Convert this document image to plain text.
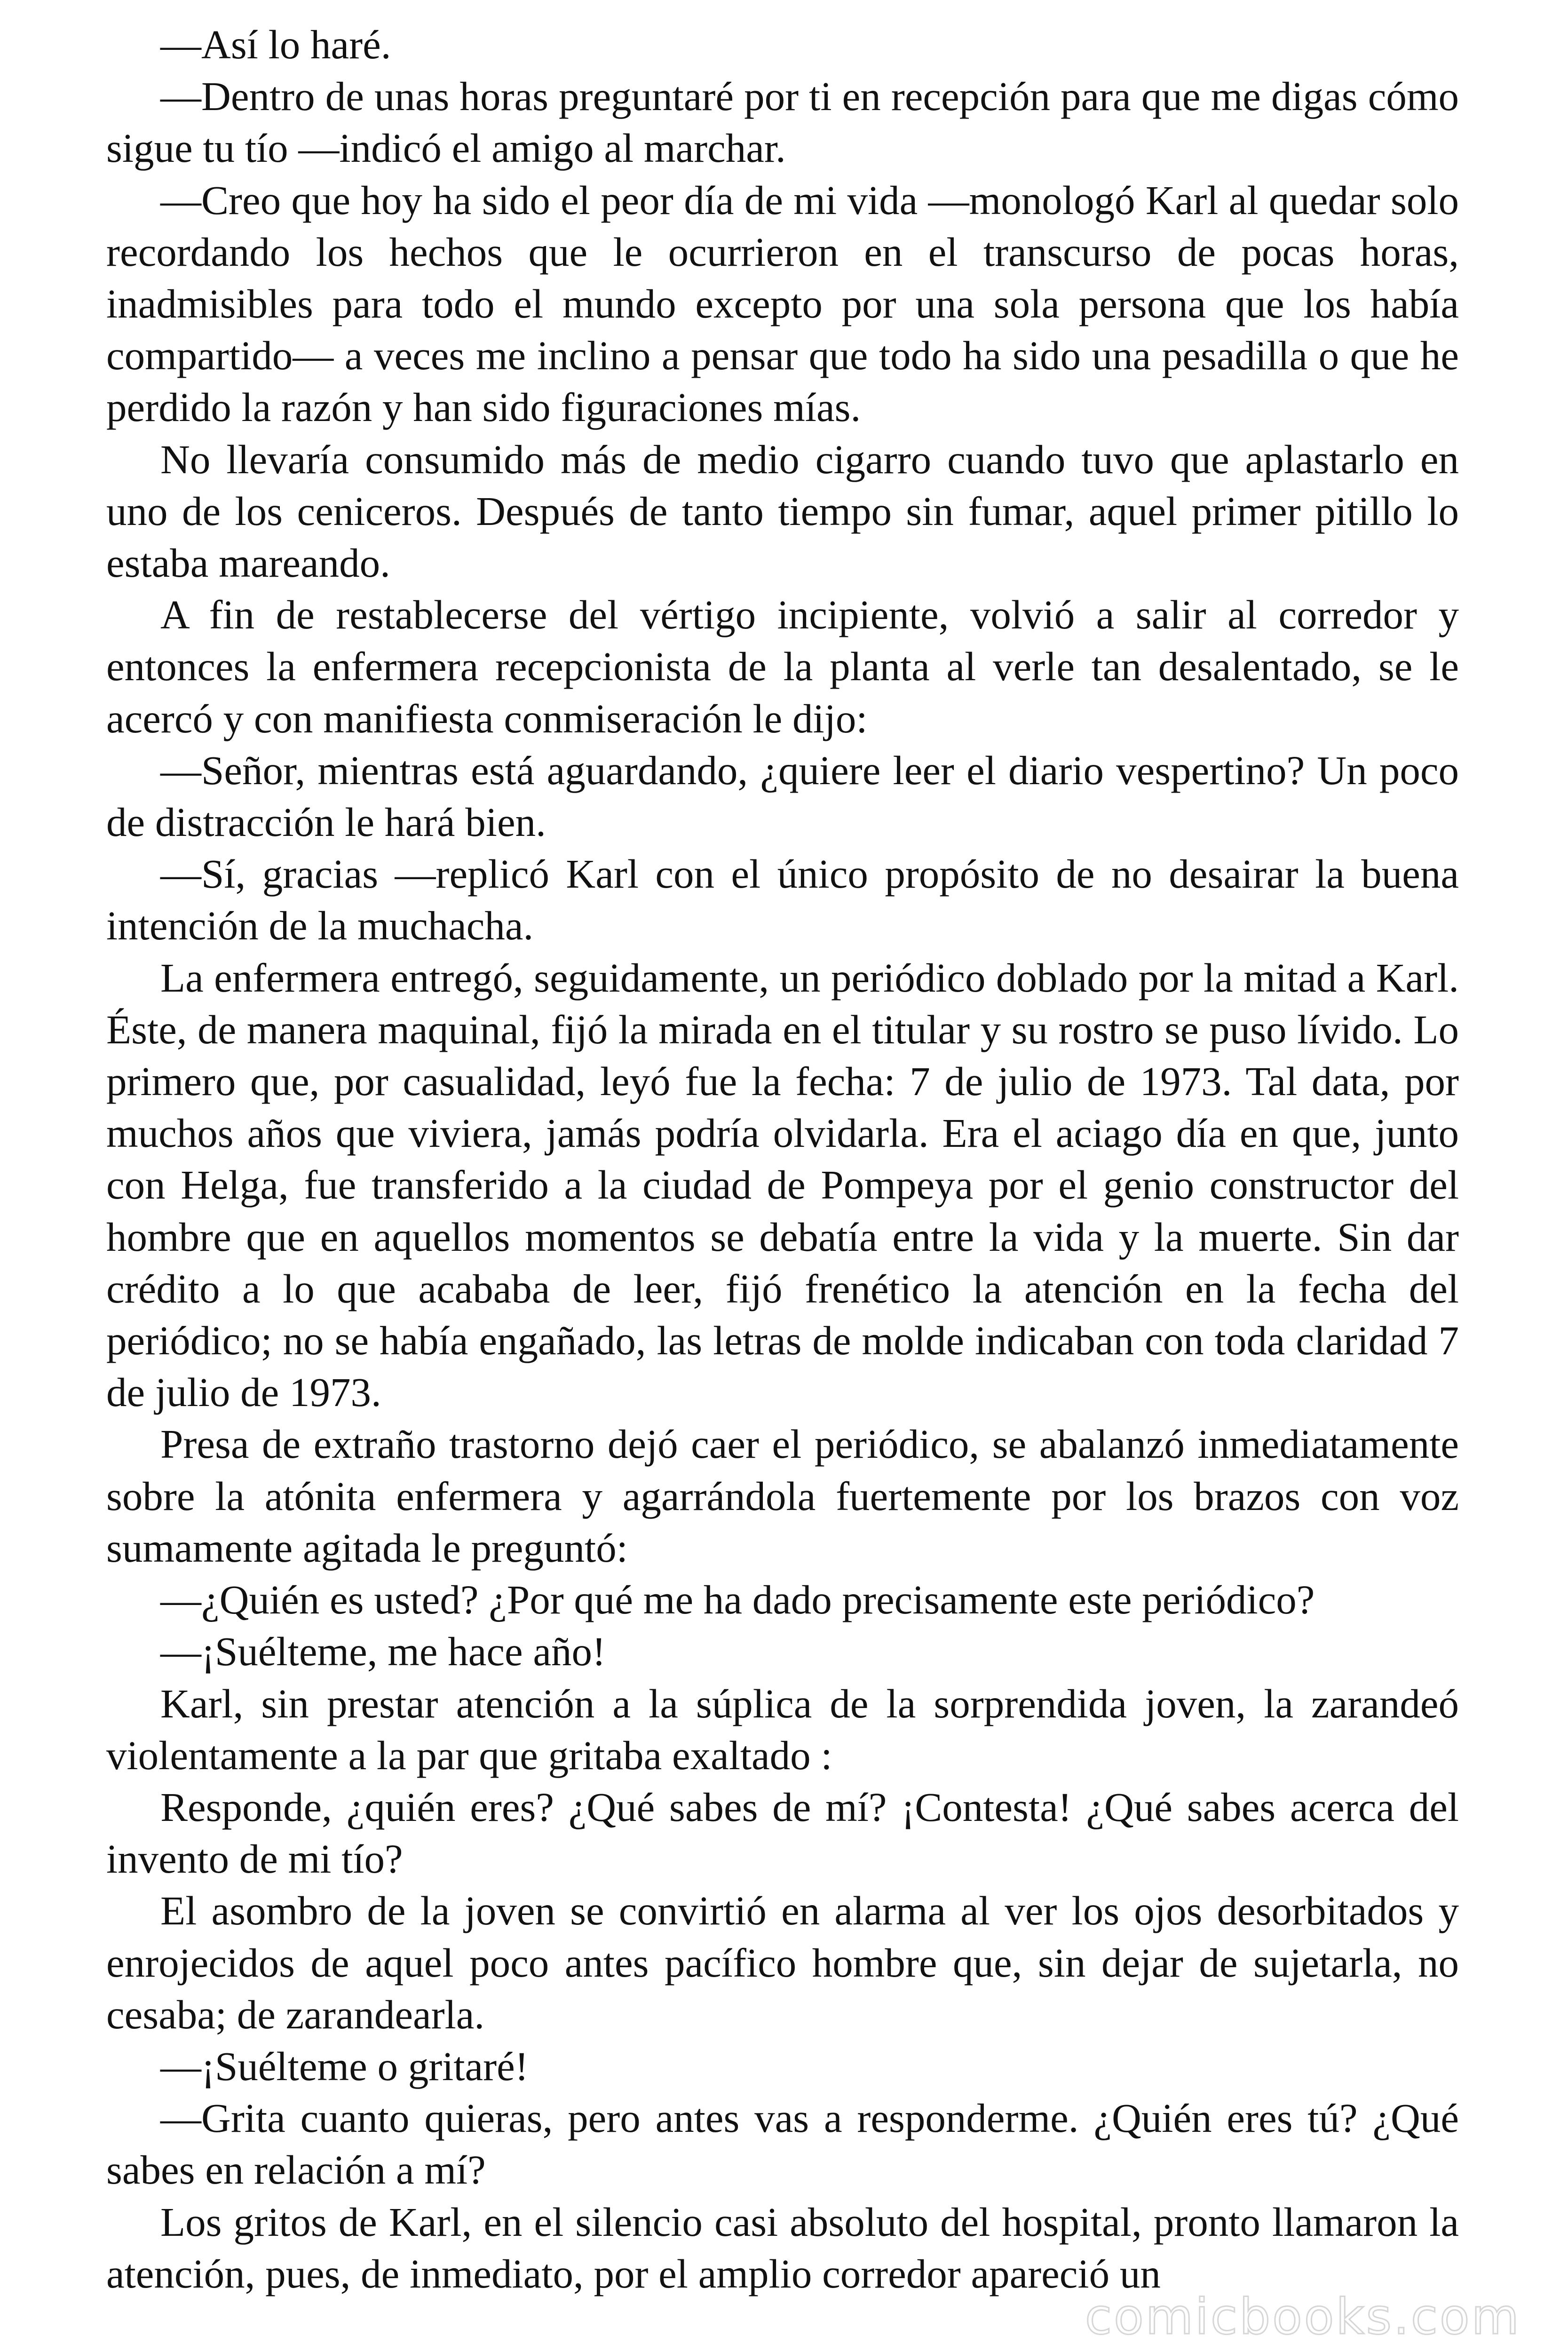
—Así lo haré.

—Dentro de unas horas preguntaré por ti en recepción para que me digas cómo sigue tu tío —indicó el amigo al marchar.

—Creo que hoy ha sido el peor día de mi vida —monologó Karl al quedar solo recordando los hechos que le ocurrieron en el transcurso de pocas horas, inadmisibles para todo el mundo excepto por una sola persona que los había compartido— a veces me inclino a pensar que todo ha sido una pesadilla o que he perdido la razón y han sido figuraciones mías.

No llevaría consumido más de medio cigarro cuando tuvo que aplastarlo en uno de los ceniceros. Después de tanto tiempo sin fumar, aquel primer pitillo lo estaba mareando.

A fin de restablecerse del vértigo incipiente, volvió a salir al corredor y entonces la enfermera recepcionista de la planta al verle tan desalentado, se le acercó y con manifiesta conmiseración le dijo:

—Señor, mientras está aguardando, ¿quiere leer el diario vespertino? Un poco de distracción le hará bien.

—Sí, gracias —replicó Karl con el único propósito de no desairar la buena intención de la muchacha.

La enfermera entregó, seguidamente, un periódico doblado por la mitad a Karl. Éste, de manera maquinal, fijó la mirada en el titular y su rostro se puso lívido. Lo primero que, por casualidad, leyó fue la fecha: 7 de julio de 1973. Tal data, por muchos años que viviera, jamás podría olvidarla. Era el aciago día en que, junto con Helga, fue transferido a la ciudad de Pompeya por el genio constructor del hombre que en aquellos momentos se debatía entre la vida y la muerte. Sin dar crédito a lo que acababa de leer, fijó frenético la atención en la fecha del periódico; no se había engañado, las letras de molde indicaban con toda claridad 7 de julio de 1973.

Presa de extraño trastorno dejó caer el periódico, se abalanzó inmediatamente sobre la atónita enfermera y agarrándola fuertemente por los brazos con voz sumamente agitada le preguntó:

—¿Quién es usted? ¿Por qué me ha dado precisamente este periódico?

—¡Suélteme, me hace año!

Karl, sin prestar atención a la súplica de la sorprendida joven, la zarandeó violentamente a la par que gritaba exaltado :

Responde, ¿quién eres? ¿Qué sabes de mí? ¡Contesta! ¿Qué sabes acerca del invento de mi tío?

El asombro de la joven se convirtió en alarma al ver los ojos desorbitados y enrojecidos de aquel poco antes pacífico hombre que, sin dejar de sujetarla, no cesaba; de zarandearla.

—¡Suélteme o gritaré!

—Grita cuanto quieras, pero antes vas a responderme. ¿Quién eres tú? ¿Qué sabes en relación a mí?

Los gritos de Karl, en el silencio casi absoluto del hospital, pronto llamaron la atención, pues, de inmediato, por el amplio corredor apareció un

comicbooks.com
